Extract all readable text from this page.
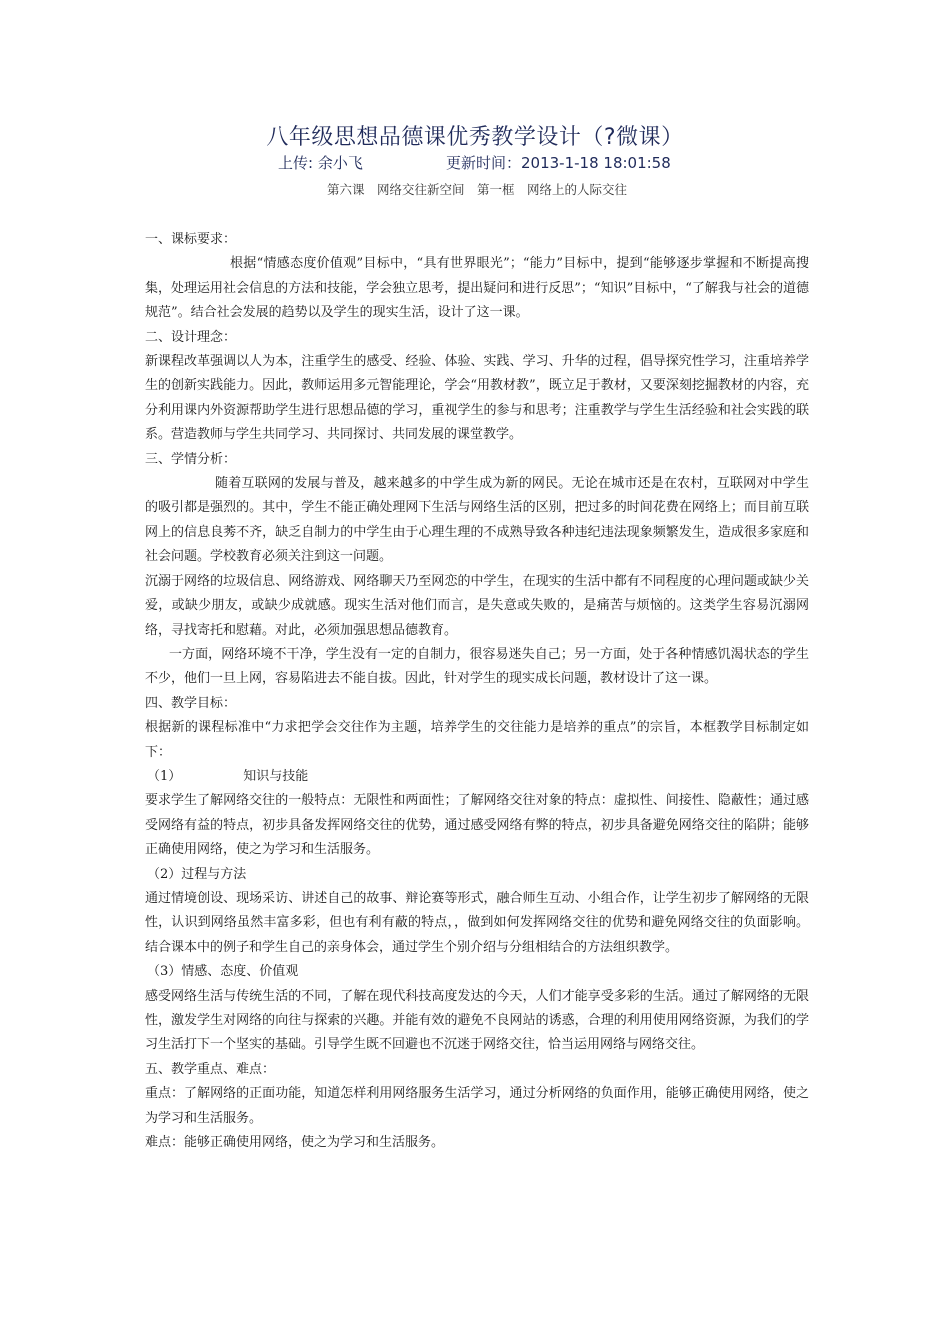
八年级思想品德课优秀教学设计（?微课）
上传: 余小飞	更新时间：2013-1-18 18:01:58
第六课　网络交往新空间　第一框　网络上的人际交往

一、课标要求：

根据“情感态度价值观”目标中，“具有世界眼光”；“能力”目标中，提到“能够逐步掌握和不断提高搜集，处理运用社会信息的方法和技能，学会独立思考，提出疑问和进行反思”；“知识”目标中，“了解我与社会的道德规范”。结合社会发展的趋势以及学生的现实生活，设计了这一课。

二、设计理念：

新课程改革强调以人为本，注重学生的感受、经验、体验、实践、学习、升华的过程，倡导探究性学习，注重培养学生的创新实践能力。因此，教师运用多元智能理论，学会“用教材教”，既立足于教材，又要深刻挖掘教材的内容，充分利用课内外资源帮助学生进行思想品德的学习，重视学生的参与和思考；注重教学与学生生活经验和社会实践的联系。营造教师与学生共同学习、共同探讨、共同发展的课堂教学。

三、学情分析：

随着互联网的发展与普及，越来越多的中学生成为新的网民。无论在城市还是在农村，互联网对中学生的吸引都是强烈的。其中，学生不能正确处理网下生活与网络生活的区别，把过多的时间花费在网络上；而目前互联网上的信息良莠不齐，缺乏自制力的中学生由于心理生理的不成熟导致各种违纪违法现象频繁发生，造成很多家庭和社会问题。学校教育必须关注到这一问题。

沉溺于网络的垃圾信息、网络游戏、网络聊天乃至网恋的中学生，在现实的生活中都有不同程度的心理问题或缺少关爱，或缺少朋友，或缺少成就感。现实生活对他们而言，是失意或失败的，是痛苦与烦恼的。这类学生容易沉溺网络，寻找寄托和慰藉。对此，必须加强思想品德教育。

一方面，网络环境不干净，学生没有一定的自制力，很容易迷失自己；另一方面，处于各种情感饥渴状态的学生不少，他们一旦上网，容易陷进去不能自拔。因此，针对学生的现实成长问题，教材设计了这一课。

四、教学目标：

根据新的课程标准中“力求把学会交往作为主题，培养学生的交往能力是培养的重点”的宗旨，本框教学目标制定如下：

（1）	知识与技能

要求学生了解网络交往的一般特点：无限性和两面性；了解网络交往对象的特点：虚拟性、间接性、隐蔽性；通过感受网络有益的特点，初步具备发挥网络交往的优势，通过感受网络有弊的特点，初步具备避免网络交往的陷阱；能够正确使用网络，使之为学习和生活服务。

（2）过程与方法

通过情境创设、现场采访、讲述自己的故事、辩论赛等形式，融合师生互动、小组合作，让学生初步了解网络的无限性，认识到网络虽然丰富多彩，但也有利有蔽的特点，，做到如何发挥网络交往的优势和避免网络交往的负面影响。结合课本中的例子和学生自己的亲身体会，通过学生个别介绍与分组相结合的方法组织教学。

（3）情感、态度、价值观

感受网络生活与传统生活的不同，了解在现代科技高度发达的今天，人们才能享受多彩的生活。通过了解网络的无限性，激发学生对网络的向往与探索的兴趣。并能有效的避免不良网站的诱惑，合理的利用使用网络资源，为我们的学习生活打下一个坚实的基础。引导学生既不回避也不沉迷于网络交往，恰当运用网络与网络交往。

五、教学重点、难点：

重点：了解网络的正面功能，知道怎样利用网络服务生活学习，通过分析网络的负面作用，能够正确使用网络，使之为学习和生活服务。

难点：能够正确使用网络，使之为学习和生活服务。
